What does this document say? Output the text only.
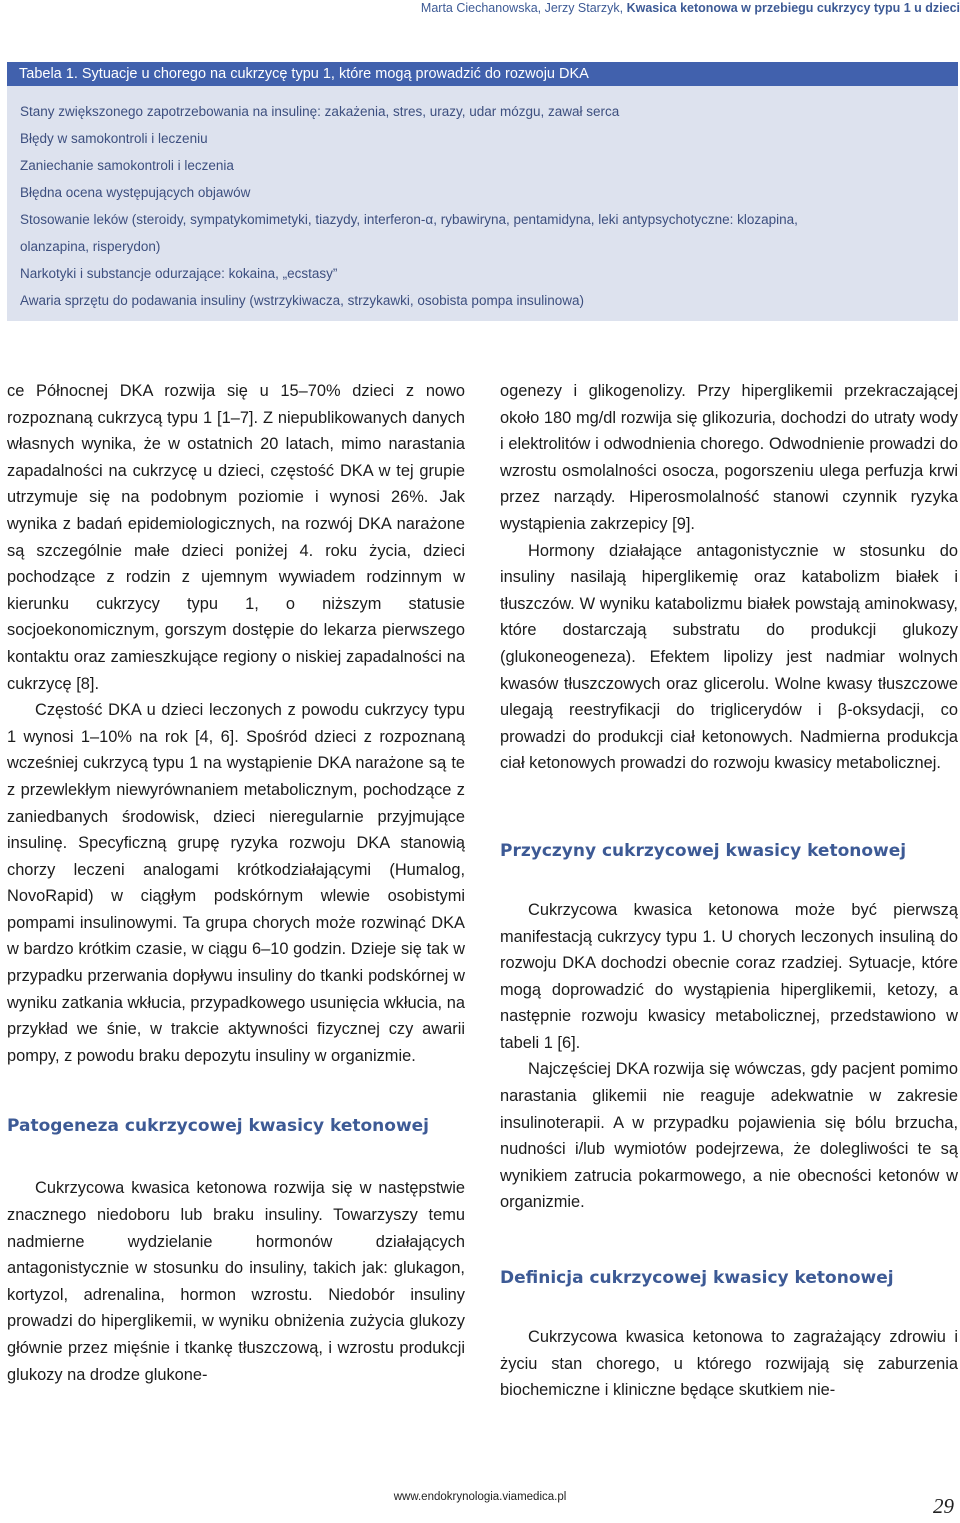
Marta Ciechanowska, Jerzy Starzyk, Kwasica ketonowa w przebiegu cukrzycy typu 1 u dzieci
Tabela 1. Sytuacje u chorego na cukrzycę typu 1, które mogą prowadzić do rozwoju DKA
Stany zwiększonego zapotrzebowania na insulinę: zakażenia, stres, urazy, udar mózgu, zawał serca
Błędy w samokontroli i leczeniu
Zaniechanie samokontroli i leczenia
Błędna ocena występujących objawów
Stosowanie leków (steroidy, sympatykomimetyki, tiazydy, interferon-α, rybawiryna, pentamidyna, leki antypsychotyczne: klozapina,
olanzapina, risperydon)
Narkotyki i substancje odurzające: kokaina, „ecstasy”
Awaria sprzętu do podawania insuliny (wstrzykiwacza, strzykawki, osobista pompa insulinowa)

ce Północnej DKA rozwija się u 15–70% dzieci z nowo rozpoznaną cukrzycą typu 1 [1–7]. Z niepublikowanych danych własnych wynika, że w ostatnich 20 latach, mimo narastania zapadalności na cukrzycę u dzieci, częstość DKA w tej grupie utrzymuje się na podobnym poziomie i wynosi 26%. Jak wynika z badań epidemiologicznych, na rozwój DKA narażone są szczególnie małe dzieci poniżej 4. roku życia, dzieci pochodzące z rodzin z ujemnym wywiadem rodzinnym w kierunku cukrzycy typu 1, o niższym statusie socjoekonomicznym, gorszym dostępie do lekarza pierwszego kontaktu oraz zamieszkujące regiony o niskiej zapadalności na cukrzycę [8].

Częstość DKA u dzieci leczonych z powodu cukrzycy typu 1 wynosi 1–10% na rok [4, 6]. Spośród dzieci z rozpoznaną wcześniej cukrzycą typu 1 na wystąpienie DKA narażone są te z przewlekłym niewyrównaniem metabolicznym, pochodzące z zaniedbanych środowisk, dzieci nieregularnie przyjmujące insulinę. Specyficzną grupę ryzyka rozwoju DKA stanowią chorzy leczeni analogami krótkodziałającymi (Humalog, NovoRapid) w ciągłym podskórnym wlewie osobistymi pompami insulinowymi. Ta grupa chorych może rozwinąć DKA w bardzo krótkim czasie, w ciągu 6–10 godzin. Dzieje się tak w przypadku przerwania dopływu insuliny do tkanki podskórnej w wyniku zatkania wkłucia, przypadkowego usunięcia wkłucia, na przykład we śnie, w trakcie aktywności fizycznej czy awarii pompy, z powodu braku depozytu insuliny w organizmie.

Patogeneza cukrzycowej kwasicy ketonowej

Cukrzycowa kwasica ketonowa rozwija się w następstwie znacznego niedoboru lub braku insuliny. Towarzyszy temu nadmierne wydzielanie hormonów działających antagonistycznie w stosunku do insuliny, takich jak: glukagon, kortyzol, adrenalina, hormon wzrostu. Niedobór insuliny prowadzi do hiperglikemii, w wyniku obniżenia zużycia glukozy głównie przez mięśnie i tkankę tłuszczową, i wzrostu produkcji glukozy na drodze glukone-

ogenezy i glikogenolizy. Przy hiperglikemii przekraczającej około 180 mg/dl rozwija się glikozuria, dochodzi do utraty wody i elektrolitów i odwodnienia chorego. Odwodnienie prowadzi do wzrostu osmolalności osocza, pogorszeniu ulega perfuzja krwi przez narządy. Hiperosmolalność stanowi czynnik ryzyka wystąpienia zakrzepicy [9].

Hormony działające antagonistycznie w stosunku do insuliny nasilają hiperglikemię oraz katabolizm białek i tłuszczów. W wyniku katabolizmu białek powstają aminokwasy, które dostarczają substratu do produkcji glukozy (glukoneogeneza). Efektem lipolizy jest nadmiar wolnych kwasów tłuszczowych oraz glicerolu. Wolne kwasy tłuszczowe ulegają reestryfikacji do triglicerydów i β-oksydacji, co prowadzi do produkcji ciał ketonowych. Nadmierna produkcja ciał ketonowych prowadzi do rozwoju kwasicy metabolicznej.

Przyczyny cukrzycowej kwasicy ketonowej

Cukrzycowa kwasica ketonowa może być pierwszą manifestacją cukrzycy typu 1. U chorych leczonych insuliną do rozwoju DKA dochodzi obecnie coraz rzadziej. Sytuacje, które mogą doprowadzić do wystąpienia hiperglikemii, ketozy, a następnie rozwoju kwasicy metabolicznej, przedstawiono w tabeli 1 [6].

Najczęściej DKA rozwija się wówczas, gdy pacjent pomimo narastania glikemii nie reaguje adekwatnie w zakresie insulinoterapii. A w przypadku pojawienia się bólu brzucha, nudności i/lub wymiotów podejrzewa, że dolegliwości te są wynikiem zatrucia pokarmowego, a nie obecności ketonów w organizmie.

Definicja cukrzycowej kwasicy ketonowej

Cukrzycowa kwasica ketonowa to zagrażający zdrowiu i życiu stan chorego, u którego rozwijają się zaburzenia biochemiczne i kliniczne będące skutkiem nie-

www.endokrynologia.viamedica.pl	29
